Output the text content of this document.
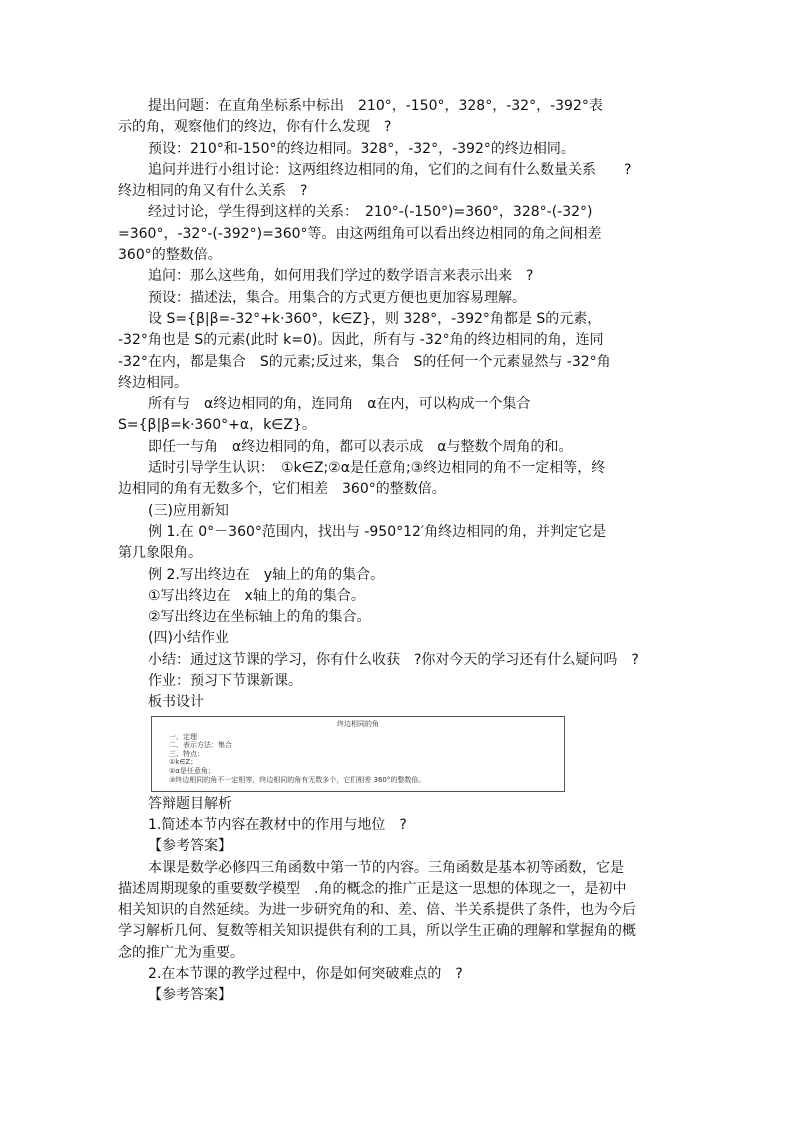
提出问题：在直角坐标系中标出　210°，-150°，328°，-32°，-392°表

示的角，观察他们的终边，你有什么发现　?

预设：210°和-150°的终边相同。328°，-32°，-392°的终边相同。

追问并进行小组讨论：这两组终边相同的角，它们的之间有什么数量关系　　?

终边相同的角又有什么关系　?

经过讨论，学生得到这样的关系：　210°-(-150°)=360°，328°-(-32°)

=360°，-32°-(-392°)=360°等。由这两组角可以看出终边相同的角之间相差

360°的整数倍。

追问：那么这些角，如何用我们学过的数学语言来表示出来　?

预设：描述法，集合。用集合的方式更方便也更加容易理解。

设 S={β|β=-32°+k·360°，k∈Z}，则 328°，-392°角都是 S的元素，

-32°角也是 S的元素(此时 k=0)。因此，所有与 -32°角的终边相同的角，连同

-32°在内，都是集合　S的元素;反过来，集合　S的任何一个元素显然与 -32°角

终边相同。

所有与　α终边相同的角，连同角　α在内，可以构成一个集合

S={β|β=k·360°+α，k∈Z}。

即任一与角　α终边相同的角，都可以表示成　α与整数个周角的和。

适时引导学生认识：　①k∈Z;②α是任意角;③终边相同的角不一定相等，终

边相同的角有无数多个，它们相差　360°的整数倍。

(三)应用新知

例 1.在 0°－360°范围内，找出与 -950°12′角终边相同的角，并判定它是

第几象限角。

例 2.写出终边在　y轴上的角的集合。

①写出终边在　x轴上的角的集合。

②写出终边在坐标轴上的角的集合。

(四)小结作业

小结：通过这节课的学习，你有什么收获　?你对今天的学习还有什么疑问吗　?

作业：预习下节课新课。

板书设计

终边相同的角
一、定理
二、表示方法：集合
三、特点：
①k∈Z；
②α是任意角；
③终边相同的角不一定相等，终边相同的角有无数多个，它们相差 360°的整数倍。

答辩题目解析

1.简述本节内容在教材中的作用与地位　?

【参考答案】

本课是数学必修四三角函数中第一节的内容。三角函数是基本初等函数，它是

描述周期现象的重要数学模型　.角的概念的推广正是这一思想的体现之一，是初中

相关知识的自然延续。为进一步研究角的和、差、倍、半关系提供了条件，也为今后

学习解析几何、复数等相关知识提供有利的工具，所以学生正确的理解和掌握角的概

念的推广尤为重要。

2.在本节课的教学过程中，你是如何突破难点的　?

【参考答案】
